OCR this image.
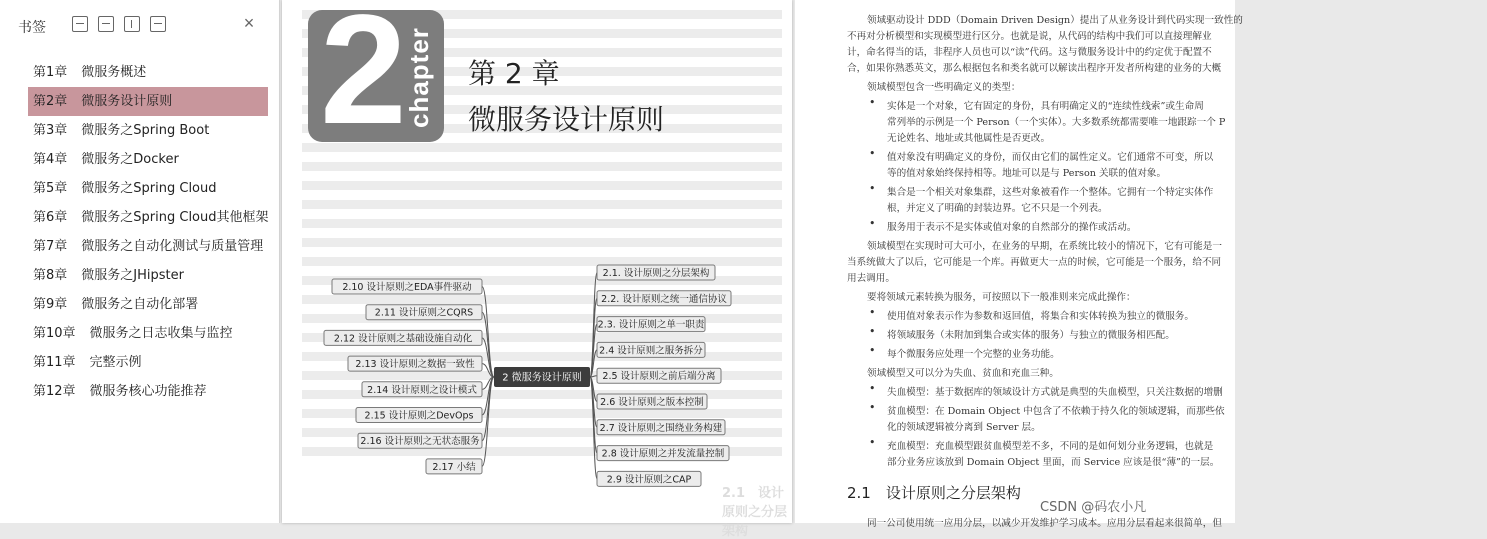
书签	×
第1章 微服务概述
第2章 微服务设计原则
第3章 微服务之Spring Boot
第4章 微服务之Docker
第5章 微服务之Spring Cloud
第6章 微服务之Spring Cloud其他框架
第7章 微服务之自动化测试与质量管理
第8章 微服务之JHipster
第9章 微服务之自动化部署
第10章 微服务之日志收集与监控
第11章 完整示例
第12章 微服务核心功能推荐
2
chapter 第 2 章
微服务设计原则
2.10 设计原则之EDA事件驱动
2.11 设计原则之CQRS
2.12 设计原则之基础设施自动化
2.13 设计原则之数据一致性
2.14 设计原则之设计模式
2.15 设计原则之DevOps
2.16 设计原则之无状态服务
2.17 小结
2.1. 设计原则之分层架构
2.2. 设计原则之统一通信协议
2.3. 设计原则之单一职责
2.4 设计原则之服务拆分
2.5 设计原则之前后端分离
2.6 设计原则之版本控制
2.7 设计原则之围绕业务构建
2.8 设计原则之并发流量控制
2.9 设计原则之CAP
2 微服务设计原则
2.1　设计原则之分层架构
2.1　设计原则之分层架构
领域驱动设计 DDD（Domain Driven Design）提出了从业务设计到代码实现一致性的
不再对分析模型和实现模型进行区分。也就是说，从代码的结构中我们可以直接理解业
计，命名得当的话，非程序人员也可以“读”代码。这与微服务设计中的约定优于配置不
合，如果你熟悉英文，那么根据包名和类名就可以解读出程序开发者所构建的业务的大概
领域模型包含一些明确定义的类型：
实体是一个对象，它有固定的身份，具有明确定义的“连续性线索”或生命周
常列举的示例是一个 Person（一个实体）。大多数系统都需要唯一地跟踪一个 P
无论姓名、地址或其他属性是否更改。
值对象没有明确定义的身份，而仅由它们的属性定义。它们通常不可变，所以
等的值对象始终保持相等。地址可以是与 Person 关联的值对象。
集合是一个相关对象集群，这些对象被看作一个整体。它拥有一个特定实体作
根，并定义了明确的封装边界。它不只是一个列表。
服务用于表示不是实体或值对象的自然部分的操作或活动。
领域模型在实现时可大可小，在业务的早期，在系统比较小的情况下，它有可能是一
当系统做大了以后，它可能是一个库。再做更大一点的时候，它可能是一个服务，给不同
用去调用。
要将领域元素转换为服务，可按照以下一般准则来完成此操作：
使用值对象表示作为参数和返回值，将集合和实体转换为独立的微服务。
将领域服务（未附加到集合或实体的服务）与独立的微服务相匹配。
每个微服务应处理一个完整的业务功能。
领域模型又可以分为失血、贫血和充血三种。
失血模型：基于数据库的领域设计方式就是典型的失血模型，只关注数据的增删
贫血模型：在 Domain Object 中包含了不依赖于持久化的领域逻辑，而那些依
化的领域逻辑被分离到 Server 层。
充血模型：充血模型跟贫血模型差不多，不同的是如何划分业务逻辑，也就是
部分业务应该放到 Domain Object 里面，而 Service 应该是很“薄”的一层。
同一公司使用统一应用分层，以减少开发维护学习成本。应用分层看起来很简单，但
•
•
•
•
•
•
•
•
•
•
CSDN @码农小凡
